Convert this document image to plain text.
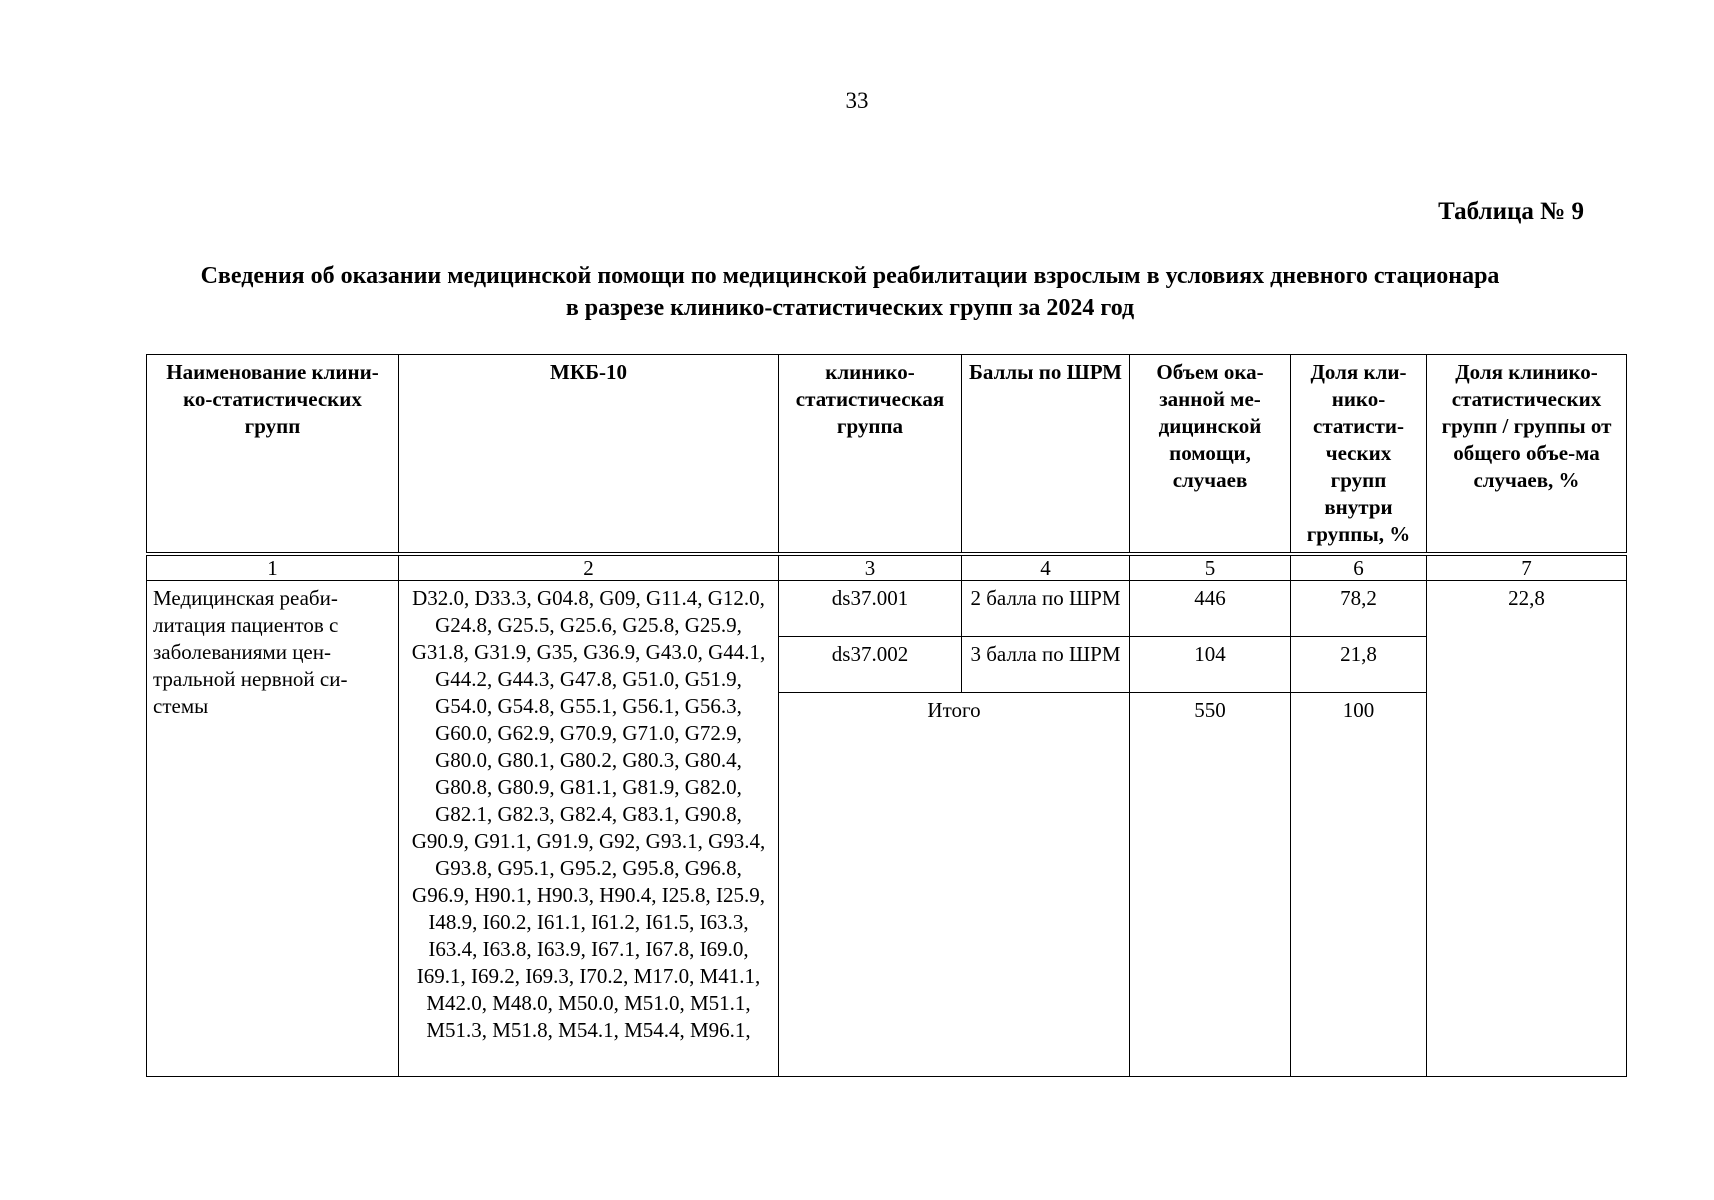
33
Таблица № 9
Сведения об оказании медицинской помощи по медицинской реабилитации взрослым в условиях дневного стационара
в разрезе клинико-статистических групп за 2024 год
Наименование клини-ко-статистических групп	МКБ-10	клинико-статистическая группа	Баллы по ШРМ	Объем ока-занной ме-дицинской помощи, случаев	Доля кли-нико-статисти-ческих групп внутри группы, %	Доля клинико-статистических групп / группы от общего объе-ма случаев, %
1	2	3	4	5	6	7
Медицинская реаби-литация пациентов с заболеваниями цен-тральной нервной си-стемы	D32.0, D33.3, G04.8, G09, G11.4, G12.0, G24.8, G25.5, G25.6, G25.8, G25.9, G31.8, G31.9, G35, G36.9, G43.0, G44.1, G44.2, G44.3, G47.8, G51.0, G51.9, G54.0, G54.8, G55.1, G56.1, G56.3, G60.0, G62.9, G70.9, G71.0, G72.9, G80.0, G80.1, G80.2, G80.3, G80.4, G80.8, G80.9, G81.1, G81.9, G82.0, G82.1, G82.3, G82.4, G83.1, G90.8, G90.9, G91.1, G91.9, G92, G93.1, G93.4, G93.8, G95.1, G95.2, G95.8, G96.8, G96.9, H90.1, H90.3, H90.4, I25.8, I25.9, I48.9, I60.2, I61.1, I61.2, I61.5, I63.3, I63.4, I63.8, I63.9, I67.1, I67.8, I69.0, I69.1, I69.2, I69.3, I70.2, M17.0, M41.1, M42.0, M48.0, M50.0, M51.0, M51.1, M51.3, M51.8, M54.1, M54.4, M96.1,	ds37.001	2 балла по ШРМ	446	78,2	22,8
		ds37.002	3 балла по ШРМ	104	21,8	
		Итого		550	100	
